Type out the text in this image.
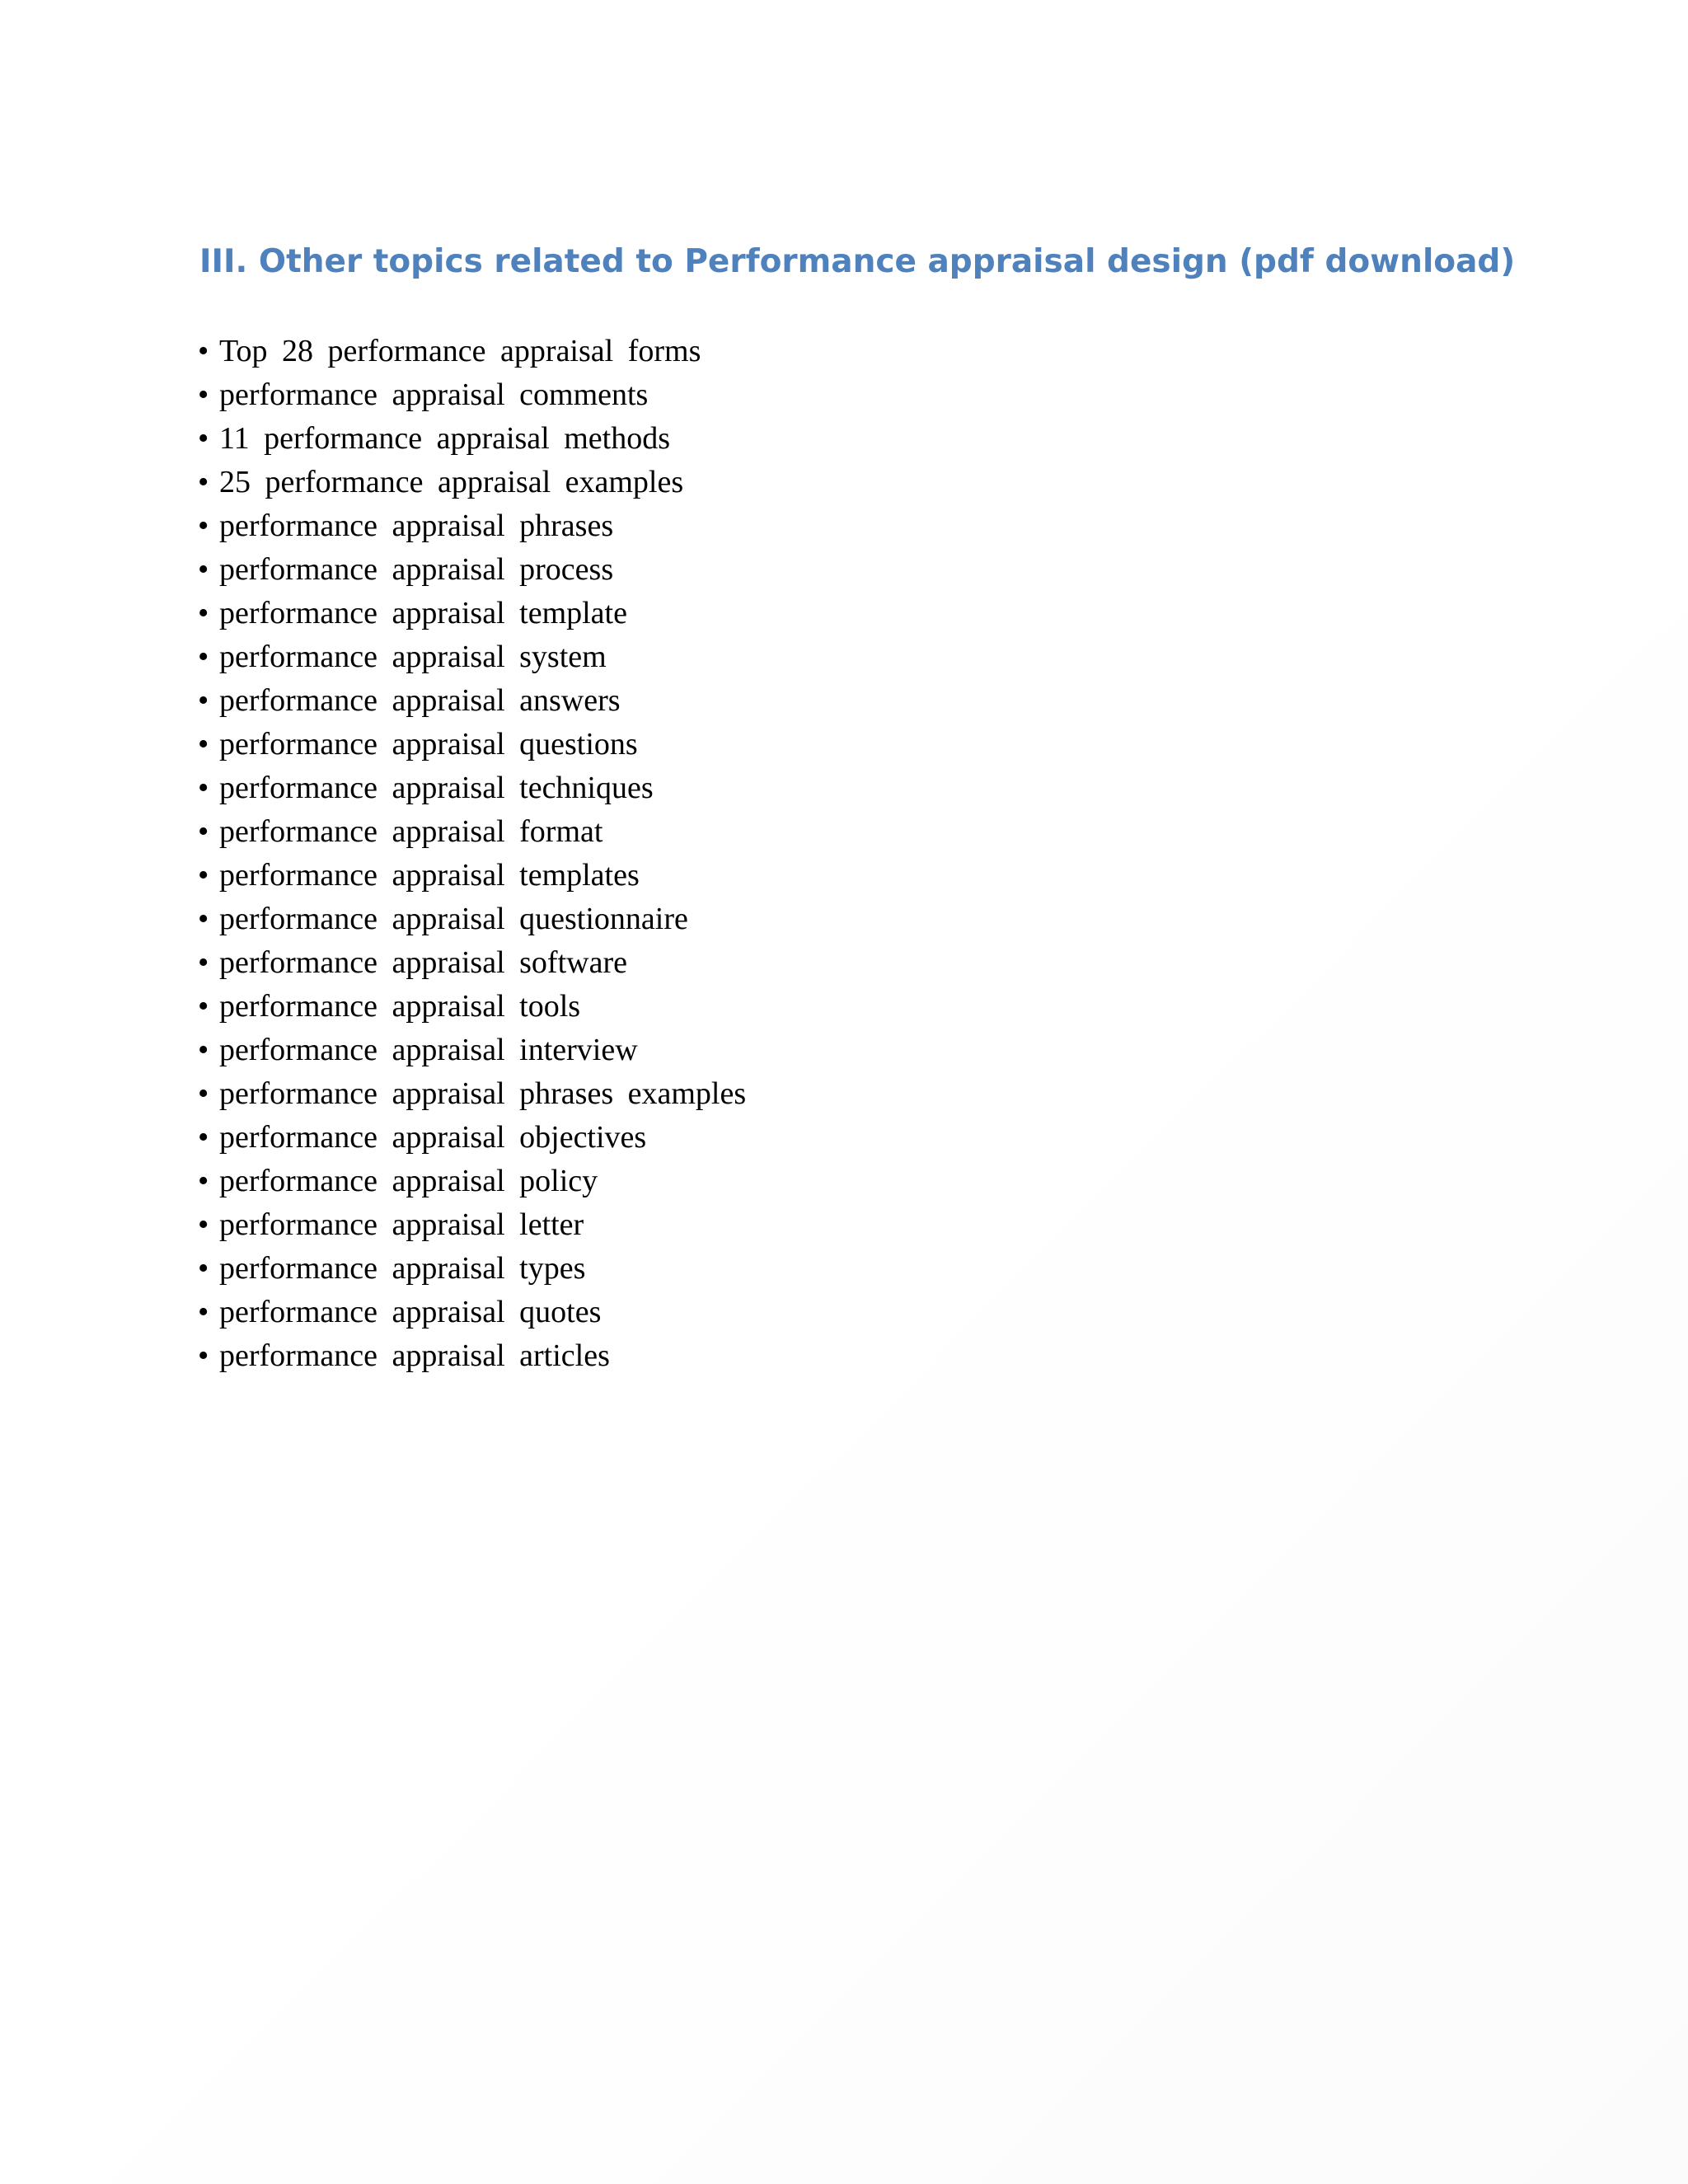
III. Other topics related to Performance appraisal design (pdf download)
• Top 28 performance appraisal forms
• performance appraisal comments
• 11 performance appraisal methods
• 25 performance appraisal examples
• performance appraisal phrases
• performance appraisal process
• performance appraisal template
• performance appraisal system
• performance appraisal answers
• performance appraisal questions
• performance appraisal techniques
• performance appraisal format
• performance appraisal templates
• performance appraisal questionnaire
• performance appraisal software
• performance appraisal tools
• performance appraisal interview
• performance appraisal phrases examples
• performance appraisal objectives
• performance appraisal policy
• performance appraisal letter
• performance appraisal types
• performance appraisal quotes
• performance appraisal articles
